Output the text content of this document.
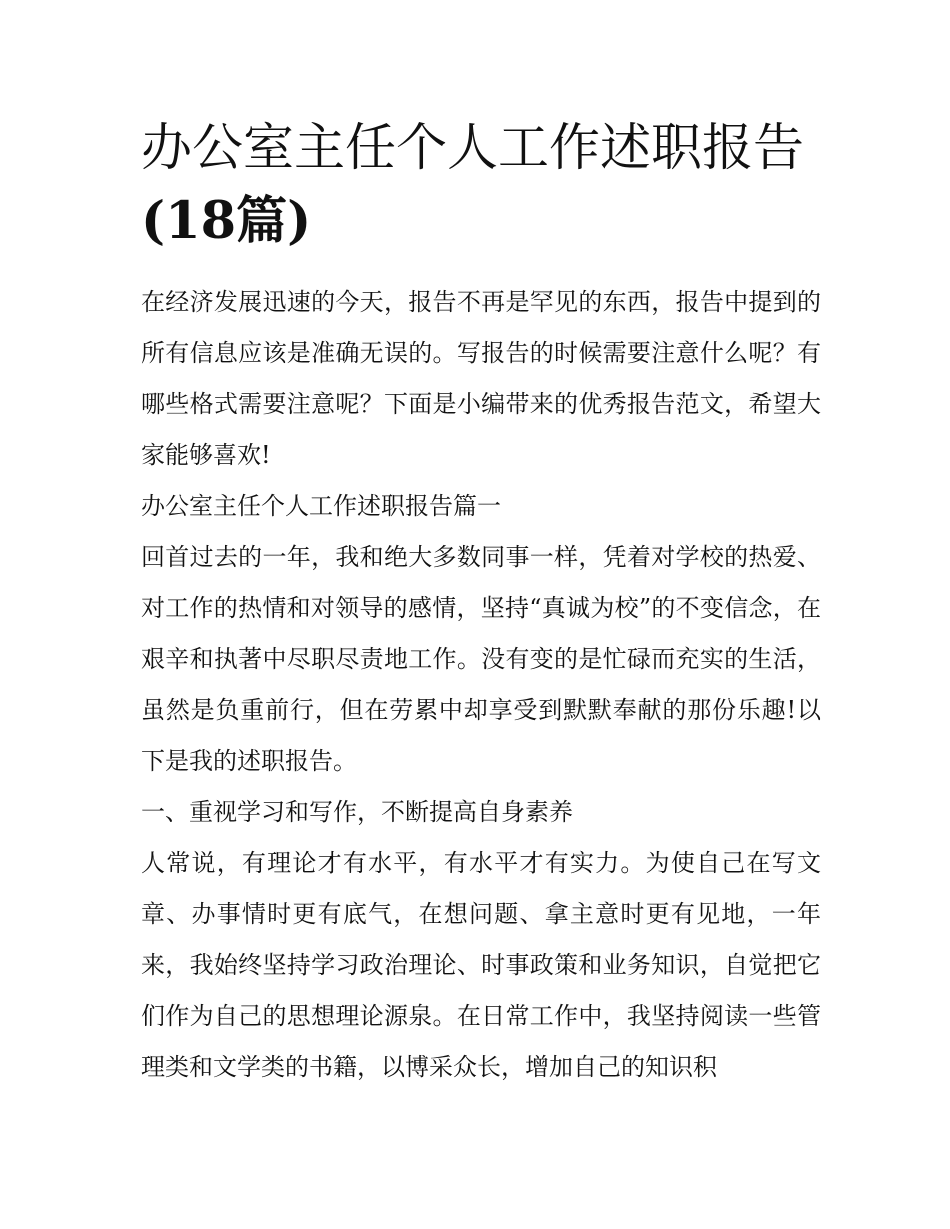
办公室主任个人工作述职报告
(18篇)

在经济发展迅速的今天，报告不再是罕见的东西，报告中提到的所有信息应该是准确无误的。写报告的时候需要注意什么呢？有哪些格式需要注意呢？下面是小编带来的优秀报告范文，希望大家能够喜欢!

办公室主任个人工作述职报告篇一

回首过去的一年，我和绝大多数同事一样，凭着对学校的热爱、对工作的热情和对领导的感情，坚持“真诚为校”的不变信念，在艰辛和执著中尽职尽责地工作。没有变的是忙碌而充实的生活，虽然是负重前行，但在劳累中却享受到默默奉献的那份乐趣!以下是我的述职报告。

一、重视学习和写作，不断提高自身素养

人常说，有理论才有水平，有水平才有实力。为使自己在写文章、办事情时更有底气，在想问题、拿主意时更有见地，一年来，我始终坚持学习政治理论、时事政策和业务知识，自觉把它们作为自己的思想理论源泉。在日常工作中，我坚持阅读一些管理类和文学类的书籍，以博采众长，增加自己的知识积
